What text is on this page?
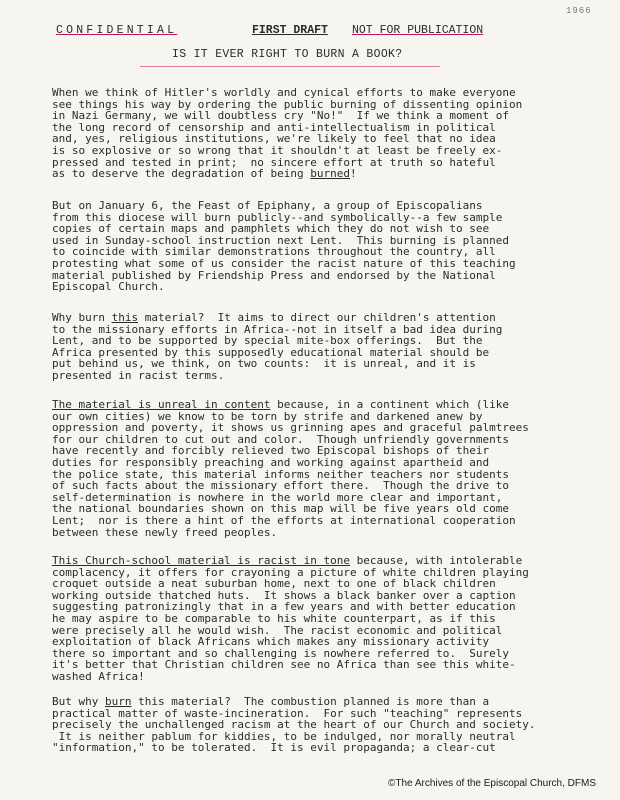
1966
CONFIDENTIAL	FIRST DRAFT NOT FOR PUBLICATION
IS IT EVER RIGHT TO BURN A BOOK?
When we think of Hitler's worldly and cynical efforts to make everyone
see things his way by ordering the public burning of dissenting opinion
in Nazi Germany, we will doubtless cry "No!"  If we think a moment of
the long record of censorship and anti-intellectualism in political
and, yes, religious institutions, we're likely to feel that no idea
is so explosive or so wrong that it shouldn't at least be freely ex-
pressed and tested in print;  no sincere effort at truth so hateful
as to deserve the degradation of being burned!
But on January 6, the Feast of Epiphany, a group of Episcopalians
from this diocese will burn publicly--and symbolically--a few sample
copies of certain maps and pamphlets which they do not wish to see
used in Sunday-school instruction next Lent.  This burning is planned
to coincide with similar demonstrations throughout the country, all
protesting what some of us consider the racist nature of this teaching
material published by Friendship Press and endorsed by the National
Episcopal Church.
Why burn this material?  It aims to direct our children's attention
to the missionary efforts in Africa--not in itself a bad idea during
Lent, and to be supported by special mite-box offerings.  But the
Africa presented by this supposedly educational material should be
put behind us, we think, on two counts:  it is unreal, and it is
presented in racist terms.
The material is unreal in content because, in a continent which (like
our own cities) we know to be torn by strife and darkened anew by
oppression and poverty, it shows us grinning apes and graceful palmtrees
for our children to cut out and color.  Though unfriendly governments
have recently and forcibly relieved two Episcopal bishops of their
duties for responsibly preaching and working against apartheid and
the police state, this material informs neither teachers nor students
of such facts about the missionary effort there.  Though the drive to
self-determination is nowhere in the world more clear and important,
the national boundaries shown on this map will be five years old come
Lent;  nor is there a hint of the efforts at international cooperation
between these newly freed peoples.
This Church-school material is racist in tone because, with intolerable
complacency, it offers for crayoning a picture of white children playing
croquet outside a neat suburban home, next to one of black children
working outside thatched huts.  It shows a black banker over a caption
suggesting patronizingly that in a few years and with better education
he may aspire to be comparable to his white counterpart, as if this
were precisely all he would wish.  The racist economic and political
exploitation of black Africans which makes any missionary activity
there so important and so challenging is nowhere referred to.  Surely
it's better that Christian children see no Africa than see this white-
washed Africa!
But why burn this material?  The combustion planned is more than a
practical matter of waste-incineration.  For such "teaching" represents
precisely the unchallenged racism at the heart of our Church and society.
It is neither pablum for kiddies, to be indulged, nor morally neutral
"information," to be tolerated.  It is evil propaganda; a clear-cut
©The Archives of the Episcopal Church, DFMS
